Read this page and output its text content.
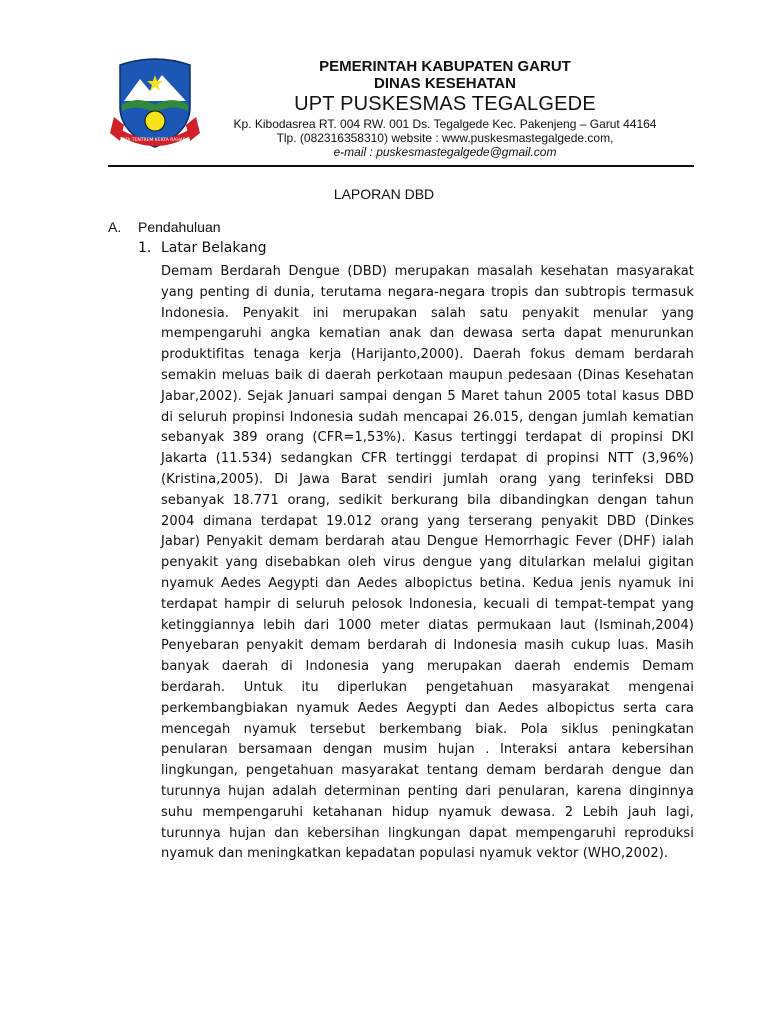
TATA TENTREM KERTA RAHARJA
PEMERINTAH KABUPATEN GARUT
DINAS KESEHATAN
UPT PUSKESMAS TEGALGEDE
Kp. Kibodasrea RT. 004 RW. 001 Ds. Tegalgede Kec. Pakenjeng – Garut 44164
Tlp. (082316358310) website : www.puskesmastegalgede.com,
e-mail : puskesmastegalgede@gmail.com
LAPORAN DBD
A. Pendahuluan
1. Latar Belakang
Demam Berdarah Dengue (DBD) merupakan masalah kesehatan masyarakat yang penting di dunia, terutama negara-negara tropis dan subtropis termasuk Indonesia. Penyakit ini merupakan salah satu penyakit menular yang mempengaruhi angka kematian anak dan dewasa serta dapat menurunkan produktifitas tenaga kerja (Harijanto,2000). Daerah fokus demam berdarah semakin meluas baik di daerah perkotaan maupun pedesaan (Dinas Kesehatan Jabar,2002). Sejak Januari sampai dengan 5 Maret tahun 2005 total kasus DBD di seluruh propinsi Indonesia sudah mencapai 26.015, dengan jumlah kematian sebanyak 389 orang (CFR=1,53%). Kasus tertinggi terdapat di propinsi DKI Jakarta (11.534) sedangkan CFR tertinggi terdapat di propinsi NTT (3,96%) (Kristina,2005). Di Jawa Barat sendiri jumlah orang yang terinfeksi DBD sebanyak 18.771 orang, sedikit berkurang bila dibandingkan dengan tahun 2004 dimana terdapat 19.012 orang yang terserang penyakit DBD (Dinkes Jabar) Penyakit demam berdarah atau Dengue Hemorrhagic Fever (DHF) ialah penyakit yang disebabkan oleh virus dengue yang ditularkan melalui gigitan nyamuk Aedes Aegypti dan Aedes albopictus betina. Kedua jenis nyamuk ini terdapat hampir di seluruh pelosok Indonesia, kecuali di tempat-tempat yang ketinggiannya lebih dari 1000 meter diatas permukaan laut (Isminah,2004) Penyebaran penyakit demam berdarah di Indonesia masih cukup luas. Masih banyak daerah di Indonesia yang merupakan daerah endemis Demam berdarah. Untuk itu diperlukan pengetahuan masyarakat mengenai perkembangbiakan nyamuk Aedes Aegypti dan Aedes albopictus serta cara mencegah nyamuk tersebut berkembang biak. Pola siklus peningkatan penularan bersamaan dengan musim hujan . Interaksi antara kebersihan lingkungan, pengetahuan masyarakat tentang demam berdarah dengue dan turunnya hujan adalah determinan penting dari penularan, karena dinginnya suhu mempengaruhi ketahanan hidup nyamuk dewasa. 2 Lebih jauh lagi, turunnya hujan dan kebersihan lingkungan dapat mempengaruhi reproduksi nyamuk dan meningkatkan kepadatan populasi nyamuk vektor (WHO,2002).
